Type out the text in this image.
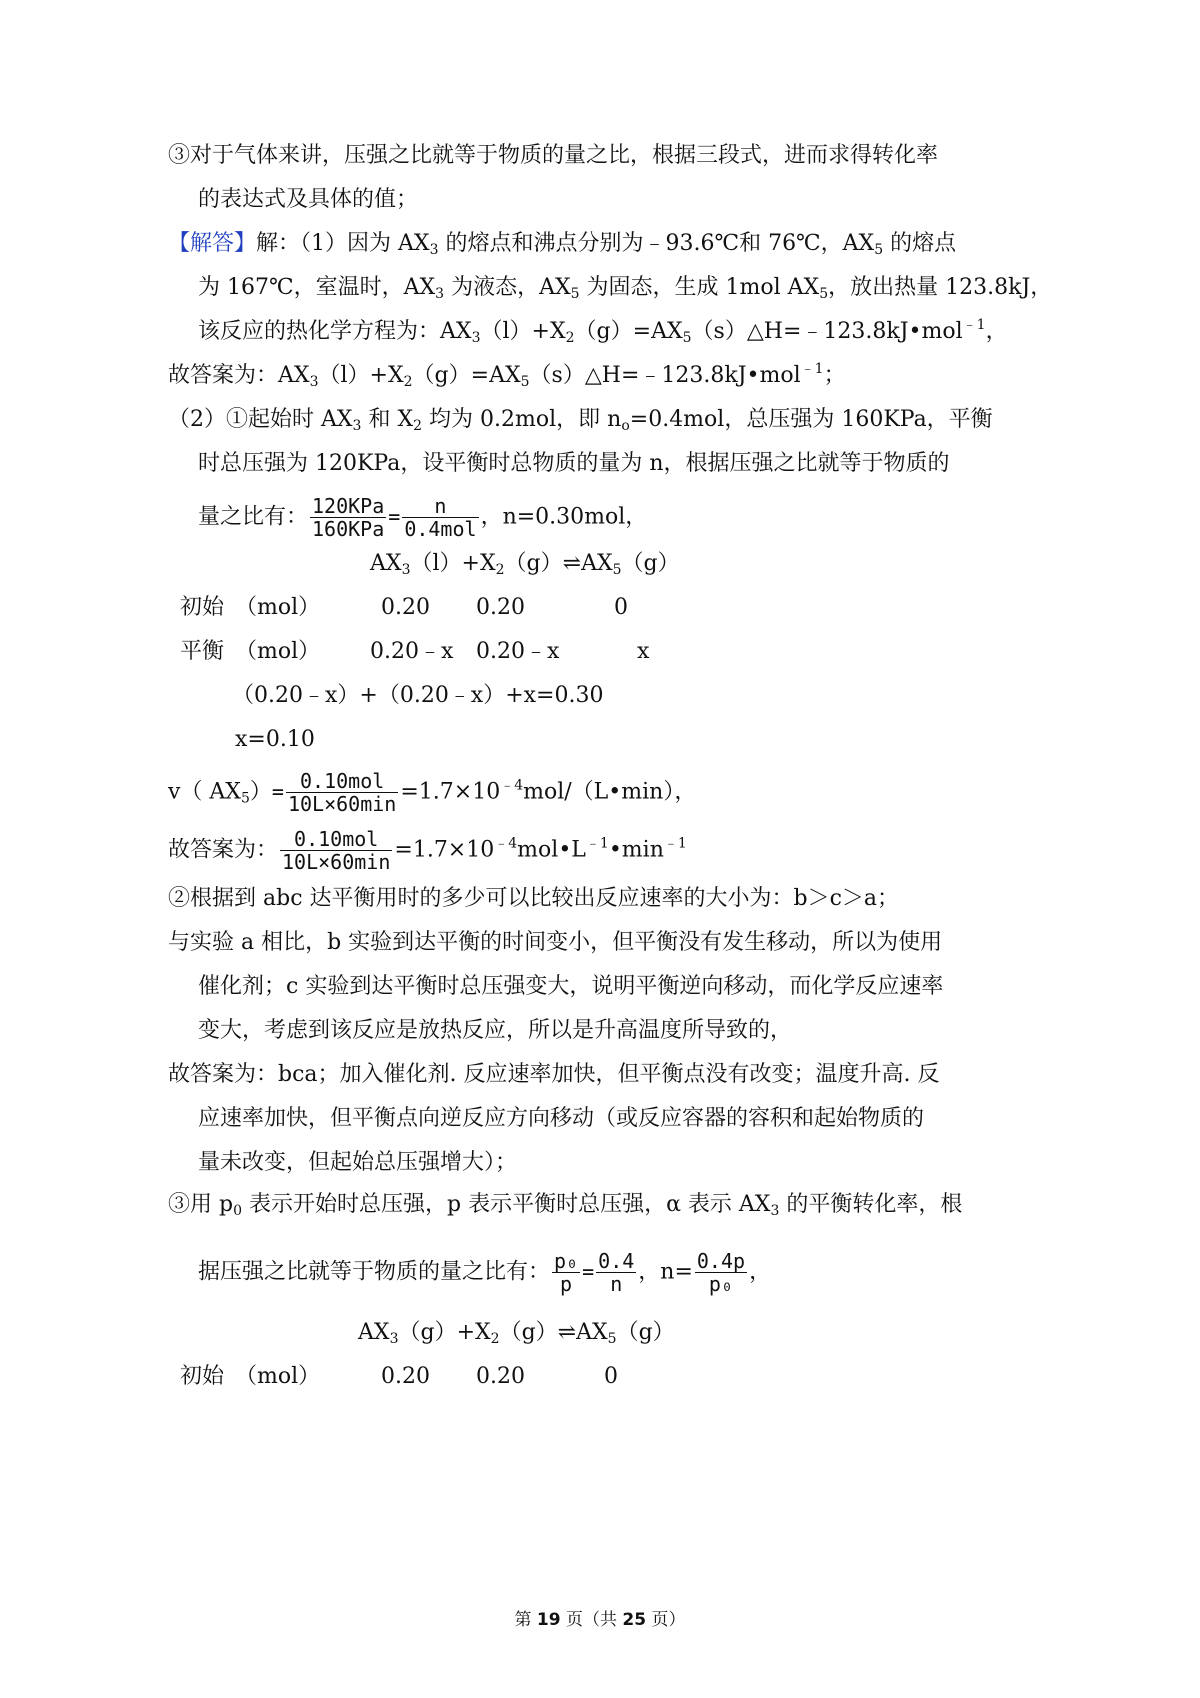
③对于气体来讲，压强之比就等于物质的量之比，根据三段式，进而求得转化率
的表达式及具体的值；
【解答】解：（1）因为 $AX_3$ 的熔点和沸点分别为﹣93.6℃和 76℃，$AX_5$ 的熔点
为 167℃，室温时，$AX_3$ 为液态，$AX_5$ 为固态，生成 1mol $AX_5$，放出热量 123.8kJ，
该反应的热化学方程为：$AX_3(l)+X_2(g)=AX_5(s)\triangle H=﹣123.8kJ•mol^{﹣1}$，
故答案为：$AX_3(l)+X_2(g)=AX_5(s)\triangle H=﹣123.8kJ•mol^{﹣1}$；
（2）①起始时 $AX_3$ 和 $X_2$ 均为 0.2mol，即 $n_o=0.4mol$，总压强为 160KPa，平衡
时总压强为 120KPa，设平衡时总物质的量为 n，根据压强之比就等于物质的
量之比有： $\frac{\text{120KPa}}{\text{160KPa}} = \frac{n}{\text{0.4mol}}$ ，n=0.30mol，
$AX_3(l)+X_2(g)\rightleftharpoons AX_5(g)$
初始 （mol）	0.20 0.20	0
平衡 （mol） 0.20﹣x 0.20﹣x	x
（0.20﹣x）+（0.20﹣x）+x=0.30
x=0.10
v（ $AX_5)= \frac{\text{0.10mol}}{10L\times 60\min}$ $=1.7\times 10^{﹣4}mol/(L•\min)$，
故答案为： $\frac{\text{0.10mol}}{10L\times 60\min}$ $=1.7\times 10^{﹣4}mol•L^{﹣1}•\min^{﹣1}$
②根据到 abc 达平衡用时的多少可以比较出反应速率的大小为：b＞c＞a；
与实验 a 相比，b 实验到达平衡的时间变小，但平衡没有发生移动，所以为使用
催化剂；c 实验到达平衡时总压强变大，说明平衡逆向移动，而化学反应速率
变大，考虑到该反应是放热反应，所以是升高温度所导致的，
故答案为：bca；加入催化剂. 反应速率加快，但平衡点没有改变；温度升高. 反
应速率加快，但平衡点向逆反应方向移动（或反应容器的容积和起始物质的
量未改变，但起始总压强增大）；
③用 $p_0$ 表示开始时总压强，p 表示平衡时总压强，α 表示 $AX_3$ 的平衡转化率，根
据压强之比就等于物质的量之比有： $\frac{\text{p₀}}{p} = \frac{0.4}{n}$ ，$n= \frac{0.4p}{\text{p₀}}$ ，
$AX_3(g)+X_2(g)\rightleftharpoons AX_5(g)$
初始 （mol）	0.20 0.20	0
第 19 页（共 25 页）
